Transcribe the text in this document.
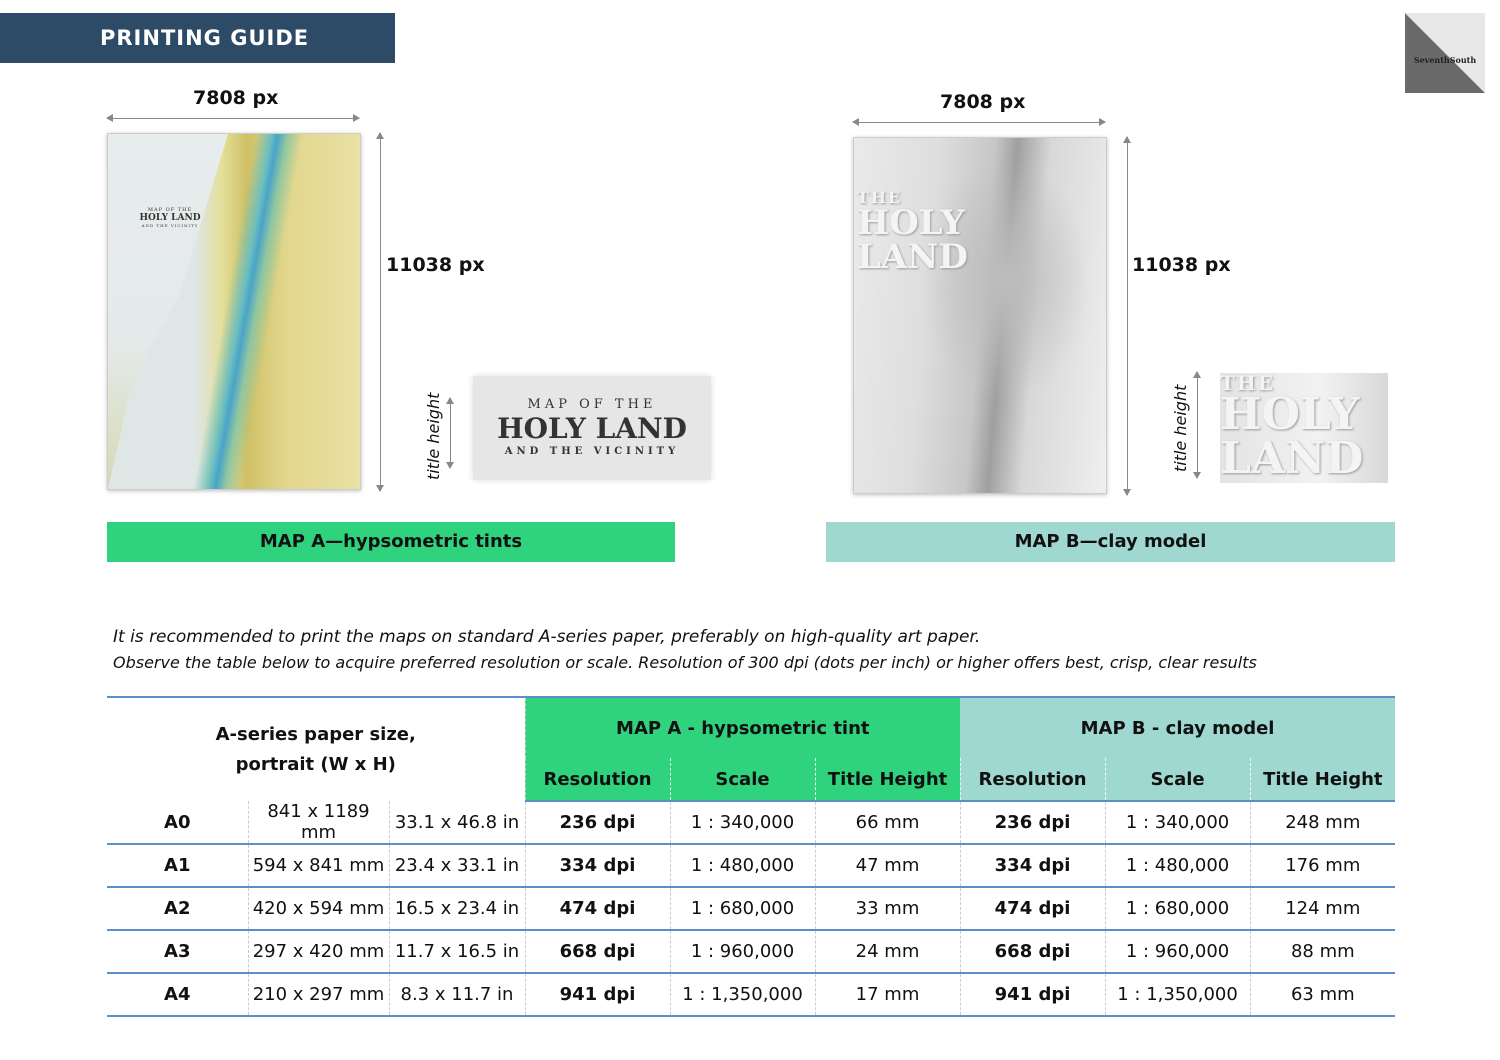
PRINTING GUIDE
SeventhSouth
7808 px
MAP OF THE
HOLY LAND
AND THE VICINITY
11038 px
title height	MAP OF THE
HOLY LAND
AND THE VICINITY
MAP A—hypsometric tints
7808 px
THE
HOLY
LAND	11038 px
title height
THE
HOLY
LAND
MAP B—clay model
It is recommended to print the maps on standard A-series paper, preferably on high-quality art paper.
Observe the table below to acquire preferred resolution or scale. Resolution of 300 dpi (dots per inch) or higher offers best, crisp, clear results
A-series paper size, portrait (W x H)			MAP A - hypsometric tint			MAP B - clay model		
			Resolution	Scale	Title Height	Resolution	Scale	Title Height
A0	841 x 1189 mm	33.1 x 46.8 in	236 dpi	1 : 340,000	66 mm	236 dpi	1 : 340,000	248 mm
A1	594 x 841 mm	23.4 x 33.1 in	334 dpi	1 : 480,000	47 mm	334 dpi	1 : 480,000	176 mm
A2	420 x 594 mm	16.5 x 23.4 in	474 dpi	1 : 680,000	33 mm	474 dpi	1 : 680,000	124 mm
A3	297 x 420 mm	11.7 x 16.5 in	668 dpi	1 : 960,000	24 mm	668 dpi	1 : 960,000	88 mm
A4	210 x 297 mm	8.3 x 11.7 in	941 dpi	1 : 1,350,000	17 mm	941 dpi	1 : 1,350,000	63 mm
